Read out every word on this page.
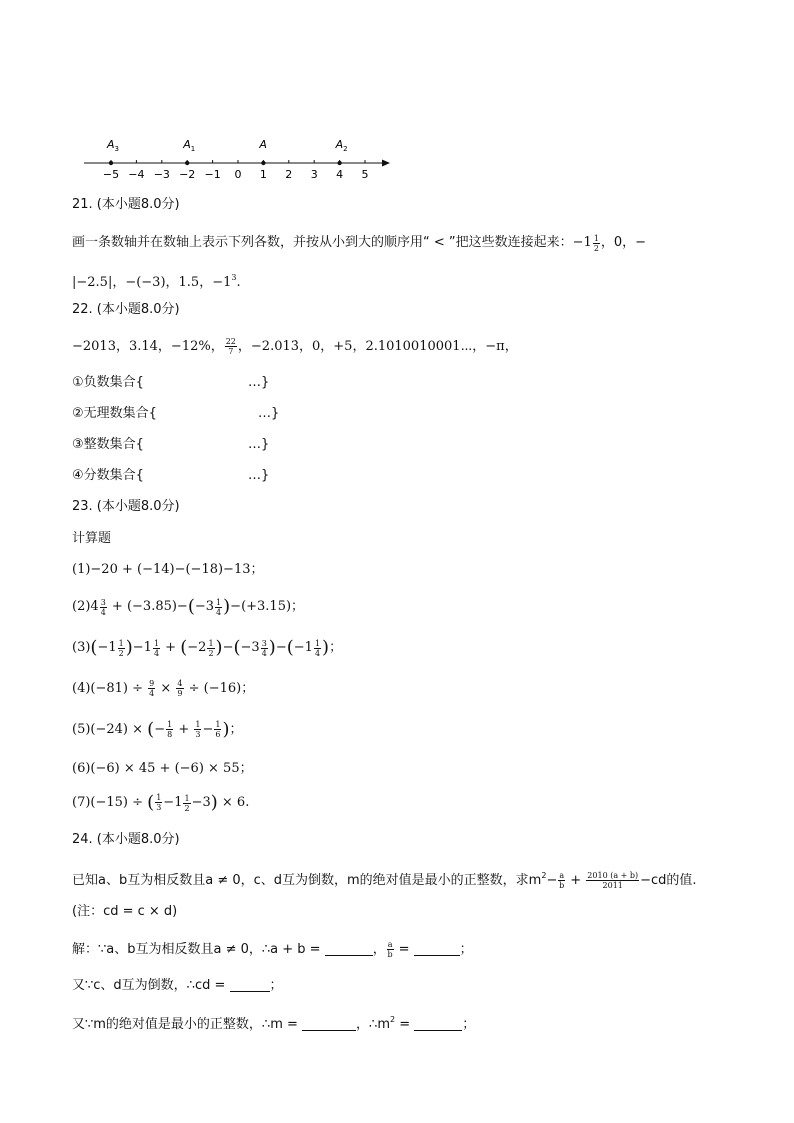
−5 −4 −3 −2 −1 0 1 2 3 4 5
$A_3$	$A_1$	A	$A_2$
21. (本小题8.0分)
画一条数轴并在数轴上表示下列各数，并按从小到大的顺序用“ < ”把这些数连接起来：$-1 \frac{1}{2}$ ，0，−
|−2.5|，−(−3)，1.5，$-1^3$.
22. (本小题8.0分)
−2013，3.14，−12%， $\frac{22}{7}$ ，−2.013̇，0，+5，2.1010010001⋯，−π，
①负数集合{	…}
②无理数集合{	…}
③整数集合{	…}
④分数集合{	…}
23. (本小题8.0分)
计算题
(1)−20 + (−14)−(−18)−13；
$(2)4 \frac{3}{4} + (-3.85)-(-3 \frac{1}{4} )-(+3.15)$；
$(3)(-1 \frac{1}{2} )-1 \frac{1}{4} + (-2 \frac{1}{2} )-(-3 \frac{3}{4} )-(-1 \frac{1}{4}$ )；
$(4)(-81) \div \frac{9}{4} \times \frac{4}{9} \div (-16)$；
(5)(−24) × (− $\frac{1}{8} + \frac{1}{3} - \frac{1}{6}$ )；
(6)(−6) × 45 + (−6) × 55；
(7)(−15) ÷ ( $\frac{1}{3} -1 \frac{1}{2} -3) \times 6$.
24. (本小题8.0分)
已知a、b互为相反数且a ≠ 0，c、d互为倒数，m的绝对值是最小的正整数，求$m^2- \frac{a}{b} + \frac{2010 (a + b)}{2011} -cd$的值.
(注：cd = c × d)
解：∵a、b互为相反数且a ≠ 0，∴a + b =	， $\frac{a}{b}$ =	；
又∵c、d互为倒数，∴cd =	；
又∵m的绝对值是最小的正整数，∴m =	，$\therefore m^2$ =	；
